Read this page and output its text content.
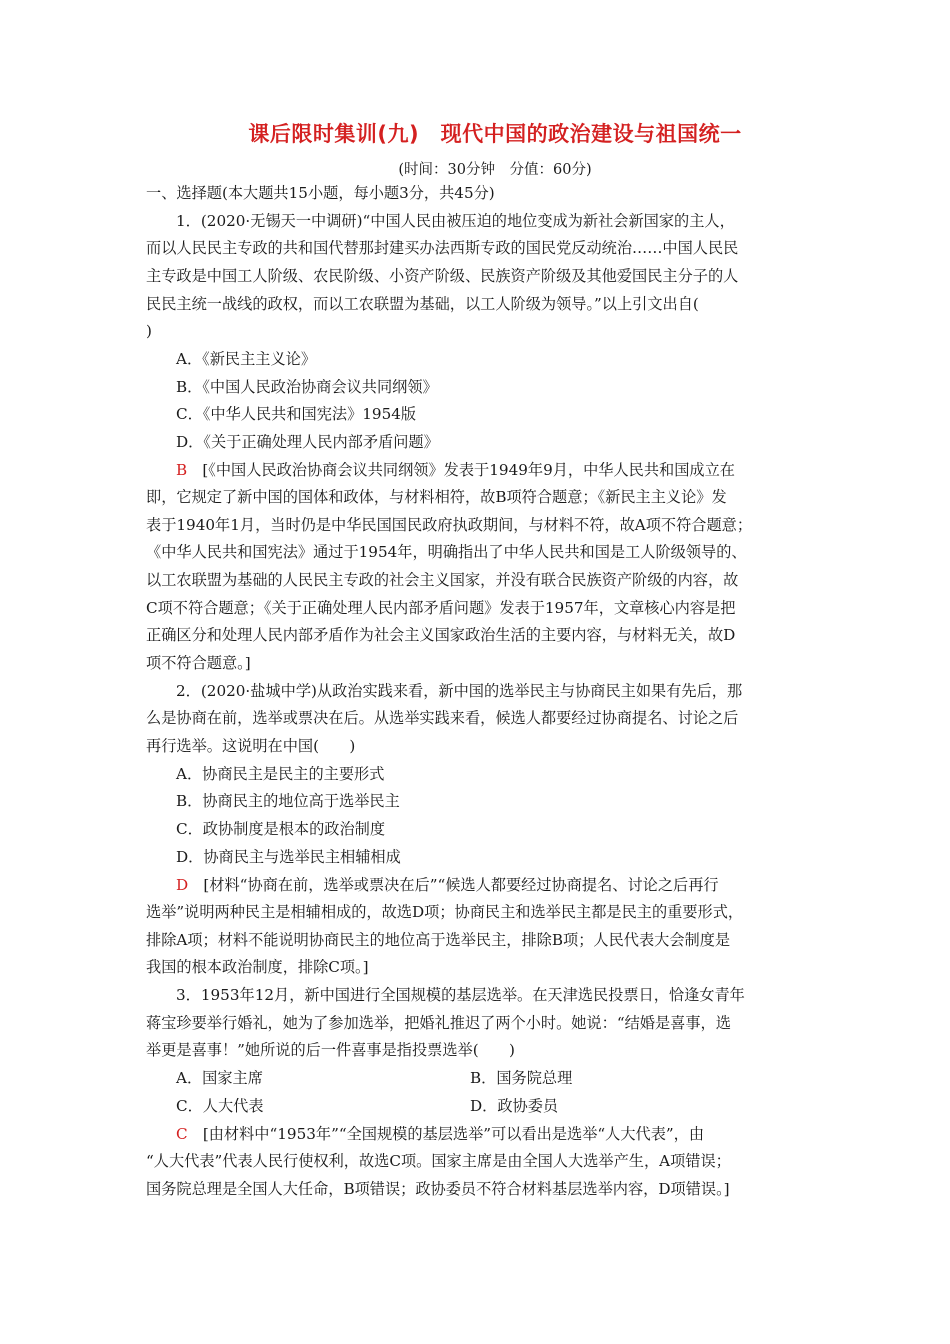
课后限时集训(九)　现代中国的政治建设与祖国统一
(时间：30分钟　分值：60分)
一、选择题(本大题共15小题，每小题3分，共45分)
1．(2020·无锡天一中调研)“中国人民由被压迫的地位变成为新社会新国家的主人，
而以人民民主专政的共和国代替那封建买办法西斯专政的国民党反动统治……中国人民民
主专政是中国工人阶级、农民阶级、小资产阶级、民族资产阶级及其他爱国民主分子的人
民民主统一战线的政权，而以工农联盟为基础，以工人阶级为领导。”以上引文出自(
)
A．《新民主主义论》
B．《中国人民政治协商会议共同纲领》
C．《中华人民共和国宪法》1954版
D．《关于正确处理人民内部矛盾问题》
B　[《中国人民政治协商会议共同纲领》发表于1949年9月，中华人民共和国成立在
即，它规定了新中国的国体和政体，与材料相符，故B项符合题意；《新民主主义论》发
表于1940年1月，当时仍是中华民国国民政府执政期间，与材料不符，故A项不符合题意；
《中华人民共和国宪法》通过于1954年，明确指出了中华人民共和国是工人阶级领导的、
以工农联盟为基础的人民民主专政的社会主义国家，并没有联合民族资产阶级的内容，故
C项不符合题意；《关于正确处理人民内部矛盾问题》发表于1957年，文章核心内容是把
正确区分和处理人民内部矛盾作为社会主义国家政治生活的主要内容，与材料无关，故D
项不符合题意。]
2．(2020·盐城中学)从政治实践来看，新中国的选举民主与协商民主如果有先后，那
么是协商在前，选举或票决在后。从选举实践来看，候选人都要经过协商提名、讨论之后
再行选举。这说明在中国(　　)
A．协商民主是民主的主要形式
B．协商民主的地位高于选举民主
C．政协制度是根本的政治制度
D．协商民主与选举民主相辅相成
D　[材料“协商在前，选举或票决在后”“候选人都要经过协商提名、讨论之后再行
选举”说明两种民主是相辅相成的，故选D项；协商民主和选举民主都是民主的重要形式，
排除A项；材料不能说明协商民主的地位高于选举民主，排除B项；人民代表大会制度是
我国的根本政治制度，排除C项。]
3．1953年12月，新中国进行全国规模的基层选举。在天津选民投票日，恰逢女青年
蒋宝珍要举行婚礼，她为了参加选举，把婚礼推迟了两个小时。她说：“结婚是喜事，选
举更是喜事！”她所说的后一件喜事是指投票选举(　　)
A．国家主席	B．国务院总理
C．人大代表	D．政协委员
C　[由材料中“1953年”“全国规模的基层选举”可以看出是选举“人大代表”，由
“人大代表”代表人民行使权利，故选C项。国家主席是由全国人大选举产生，A项错误；
国务院总理是全国人大任命，B项错误；政协委员不符合材料基层选举内容，D项错误。]
